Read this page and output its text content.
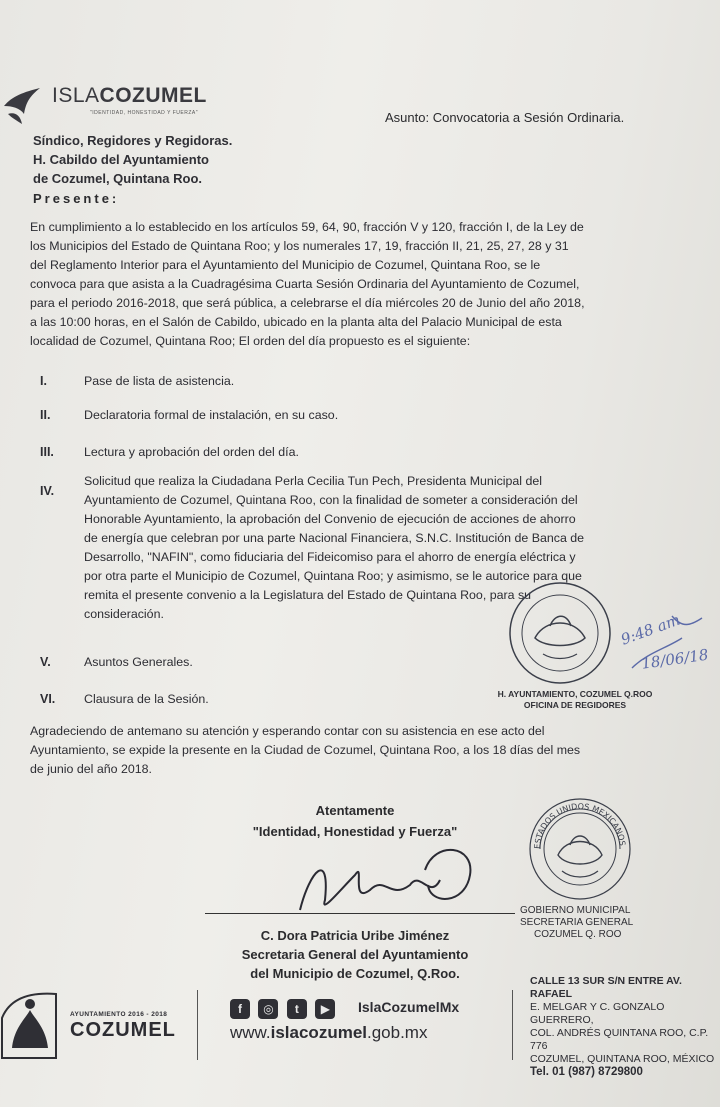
ISLACOZUMEL
"IDENTIDAD, HONESTIDAD Y FUERZA"	Asunto: Convocatoria a Sesión Ordinaria.
Síndico, Regidores y Regidoras.
H. Cabildo del Ayuntamiento
de Cozumel, Quintana Roo.
Presente:
En cumplimiento a lo establecido en los artículos 59, 64, 90, fracción V y 120, fracción I, de la Ley de
los Municipios del Estado de Quintana Roo; y los numerales 17, 19, fracción II, 21, 25, 27, 28 y 31
del Reglamento Interior para el Ayuntamiento del Municipio de Cozumel, Quintana Roo, se le
convoca para que asista a la Cuadragésima Cuarta Sesión Ordinaria del Ayuntamiento de Cozumel,
para el periodo 2016-2018, que será pública, a celebrarse el día miércoles 20 de Junio del año 2018,
a las 10:00 horas, en el Salón de Cabildo, ubicado en la planta alta del Palacio Municipal de esta
localidad de Cozumel, Quintana Roo; El orden del día propuesto es el siguiente:
I.	Pase de lista de asistencia.
II.	Declaratoria formal de instalación, en su caso.
III. Lectura y aprobación del orden del día.
IV.
Solicitud que realiza la Ciudadana Perla Cecilia Tun Pech, Presidenta Municipal del
Ayuntamiento de Cozumel, Quintana Roo, con la finalidad de someter a consideración del
Honorable Ayuntamiento, la aprobación del Convenio de ejecución de acciones de ahorro
de energía que celebran por una parte Nacional Financiera, S.N.C. Institución de Banca de
Desarrollo, "NAFIN", como fiduciaria del Fideicomiso para el ahorro de energía eléctrica y
por otra parte el Municipio de Cozumel, Quintana Roo; y asimismo, se le autorice para que
remita el presente convenio a la Legislatura del Estado de Quintana Roo, para su
consideración.
V.	Asuntos Generales.
VI. Clausura de la Sesión.
9:48 am
18/06/18
H. AYUNTAMIENTO, COZUMEL Q.ROO
OFICINA DE REGIDORES
Agradeciendo de antemano su atención y esperando contar con su asistencia en ese acto del
Ayuntamiento, se expide la presente en la Ciudad de Cozumel, Quintana Roo, a los 18 días del mes
de junio del año 2018.
Atentamente
"Identidad, Honestidad y Fuerza"
C. Dora Patricia Uribe Jiménez
Secretaria General del Ayuntamiento
del Municipio de Cozumel, Q.Roo.
ESTADOS UNIDOS MEXICANOS
GOBIERNO MUNICIPAL
SECRETARIA GENERAL
COZUMEL Q. ROO
AYUNTAMIENTO 2016 - 2018
COZUMEL
f ◎ t ▶	IslaCozumelMx
www.islacozumel.gob.mx
CALLE 13 SUR S/N ENTRE AV. RAFAEL
E. MELGAR Y C. GONZALO GUERRERO,
COL. ANDRÉS QUINTANA ROO, C.P. 776
COZUMEL, QUINTANA ROO, MÉXICO
Tel. 01 (987) 8729800
